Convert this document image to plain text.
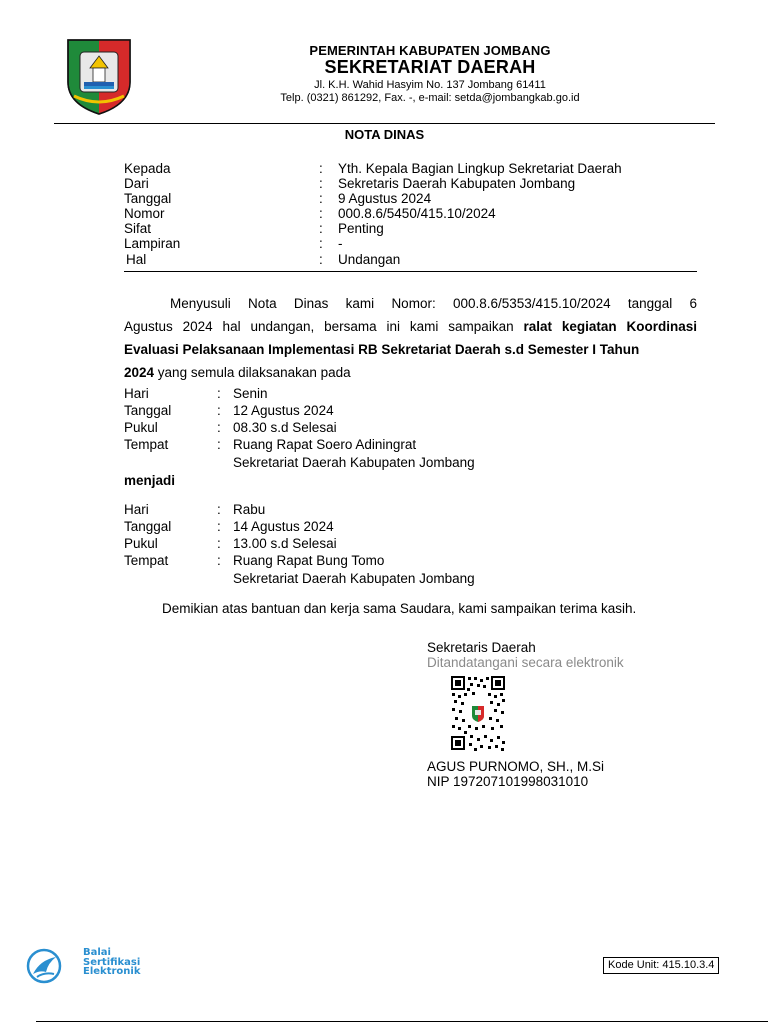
PEMERINTAH KABUPATEN JOMBANG
SEKRETARIAT DAERAH
Jl. K.H. Wahid Hasyim No. 137 Jombang 61411
Telp. (0321) 861292, Fax. -, e-mail: setda@jombangkab.go.id
NOTA DINAS
Kepada	: Yth. Kepala Bagian Lingkup Sekretariat Daerah
Dari	: Sekretaris Daerah Kabupaten Jombang
Tanggal	: 9 Agustus 2024
Nomor	: 000.8.6/5450/415.10/2024
Sifat	: Penting
Lampiran	: -
Hal	: Undangan
Menyusuli Nota Dinas kami Nomor: 000.8.6/5353/415.10/2024 tanggal 6
Agustus 2024 hal undangan, bersama ini kami sampaikan ralat kegiatan Koordinasi
Evaluasi Pelaksanaan Implementasi RB Sekretariat Daerah s.d Semester I Tahun
2024 yang semula dilaksanakan pada
Hari	: Senin
Tanggal	: 12 Agustus 2024
Pukul	: 08.30 s.d Selesai
Tempat	: Ruang Rapat Soero Adiningrat
Sekretariat Daerah Kabupaten Jombang
menjadi
Hari	: Rabu
Tanggal	: 14 Agustus 2024
Pukul	: 13.00 s.d Selesai
Tempat	: Ruang Rapat Bung Tomo
Sekretariat Daerah Kabupaten Jombang
Demikian atas bantuan dan kerja sama Saudara, kami sampaikan terima kasih.
Sekretaris Daerah
Ditandatangani secara elektronik
AGUS PURNOMO, SH., M.Si
NIP 197207101998031010
Balai
Sertifikasi
Elektronik
Kode Unit: 415.10.3.4
